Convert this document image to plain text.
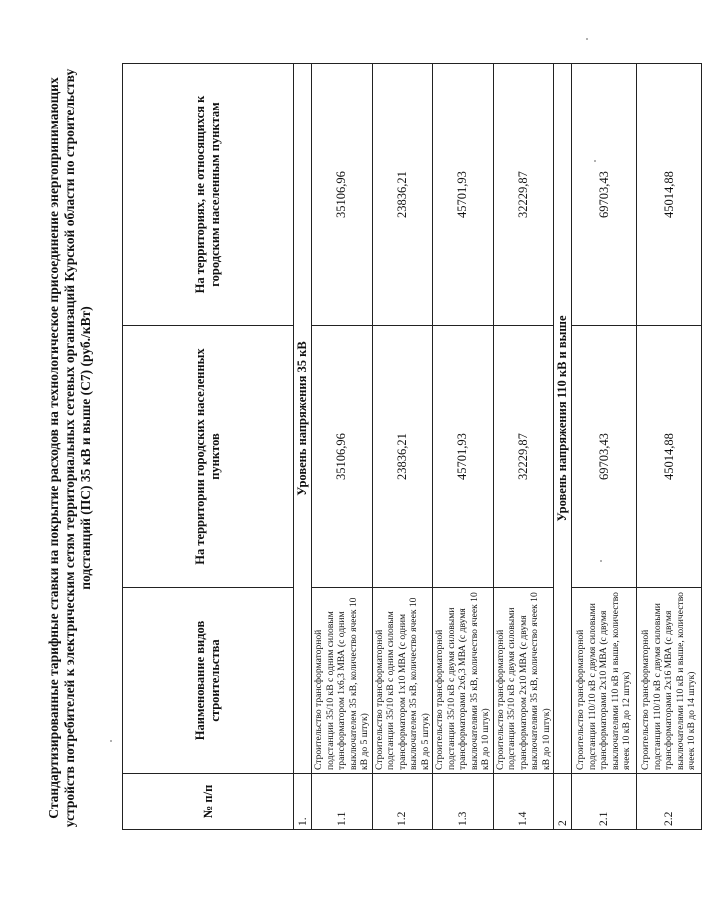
Стандартизированные тарифные ставки на покрытие расходов на технологическое присоединение энергопринимающих устройств потребителей к электрическим сетям территориальных сетевых организаций Курской области по строительству подстанций (ПС) 35 кВ и выше (С7) (руб./кВт)
№ п/п	Наименование видов строительства	На территории городских населенных пунктов	На территориях, не относящихся к городским населенным пунктам
1.	Уровень напряжения 35 кВ		
1.1	Строительство трансформаторной подстанции 35/10 кВ с одним силовым трансформатором 1х6,3 МВА (с одним выключателем 35 кВ, количество ячеек 10 кВ до 5 штук)	35106,96	35106,96
1.2	Строительство трансформаторной подстанции 35/10 кВ с одним силовым трансформатором 1х10 МВА (с одним выключателем 35 кВ, количество ячеек 10 кВ до 5 штук)	23836,21	23836,21
1.3	Строительство трансформаторной подстанции 35/10 кВ с двумя силовыми трансформаторами 2х6,3 МВА (с двумя выключателями 35 кВ, количество ячеек 10 кВ до 10 штук)	45701,93	45701,93
1.4	Строительство трансформаторной подстанции 35/10 кВ с двумя силовыми трансформатором 2х10 МВА (с двумя выключателями 35 кВ, количество ячеек 10 кВ до 10 штук)	32229,87	32229,87
2	Уровень напряжения 110 кВ и выше		
2.1	Строительство трансформаторной подстанции 110/10 кВ с двумя силовыми трансформаторами 2х10 МВА (с двумя выключателями 110 кВ и выше, количество ячеек 10 кВ до 12 штук)	69703,43	69703,43
2.2	Строительство трансформаторной подстанции 110/10 кВ с двумя силовыми трансформаторами 2х16 МВА (с двумя выключателями 110 кВ и выше, количество ячеек 10 кВ до 14 штук)	45014,88	45014,88
